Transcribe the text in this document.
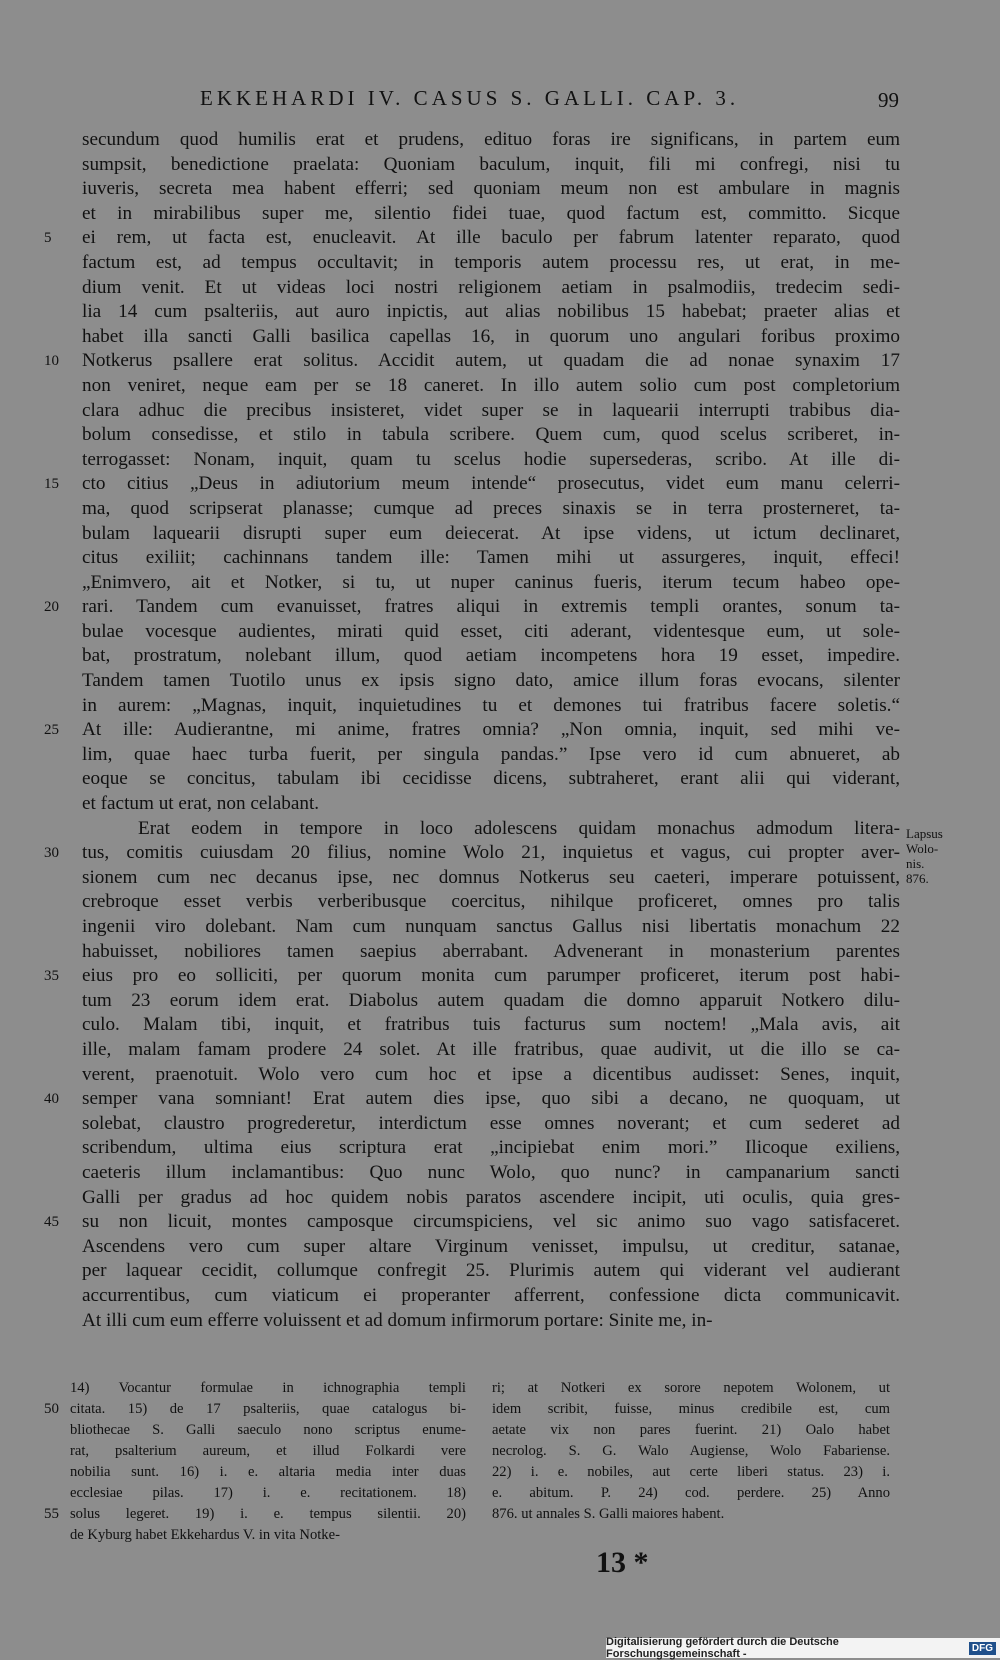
EKKEHARDI IV. CASUS S. GALLI. CAP. 3.	99
secundum quod humilis erat et prudens, edituo foras ire significans, in partem eum
sumpsit, benedictione praelata: Quoniam baculum, inquit, fili mi confregi, nisi tu
iuveris, secreta mea habent efferri; sed quoniam meum non est ambulare in magnis
et in mirabilibus super me, silentio fidei tuae, quod factum est, committo. Sicque
ei rem, ut facta est, enucleavit. At ille baculo per fabrum latenter reparato, quod
factum est, ad tempus occultavit; in temporis autem processu res, ut erat, in me-
dium venit. Et ut videas loci nostri religionem aetiam in psalmodiis, tredecim sedi-
lia 14 cum psalteriis, aut auro inpictis, aut alias nobilibus 15 habebat; praeter alias et
habet illa sancti Galli basilica capellas 16, in quorum uno angulari foribus proximo
Notkerus psallere erat solitus. Accidit autem, ut quadam die ad nonae synaxim 17
non veniret, neque eam per se 18 caneret. In illo autem solio cum post completorium
clara adhuc die precibus insisteret, videt super se in laquearii interrupti trabibus dia-
bolum consedisse, et stilo in tabula scribere. Quem cum, quod scelus scriberet, in-
terrogasset: Nonam, inquit, quam tu scelus hodie supersederas, scribo. At ille di-
cto citius „Deus in adiutorium meum intende“ prosecutus, videt eum manu celerri-
ma, quod scripserat planasse; cumque ad preces sinaxis se in terra prosterneret, ta-
bulam laquearii disrupti super eum deiecerat. At ipse videns, ut ictum declinaret,
citus exiliit; cachinnans tandem ille: Tamen mihi ut assurgeres, inquit, effeci!
„Enimvero, ait et Notker, si tu, ut nuper caninus fueris, iterum tecum habeo ope-
rari. Tandem cum evanuisset, fratres aliqui in extremis templi orantes, sonum ta-
bulae vocesque audientes, mirati quid esset, citi aderant, videntesque eum, ut sole-
bat, prostratum, nolebant illum, quod aetiam incompetens hora 19 esset, impedire.
Tandem tamen Tuotilo unus ex ipsis signo dato, amice illum foras evocans, silenter
in aurem: „Magnas, inquit, inquietudines tu et demones tui fratribus facere soletis.“
At ille: Audierantne, mi anime, fratres omnia? „Non omnia, inquit, sed mihi ve-
lim, quae haec turba fuerit, per singula pandas.” Ipse vero id cum abnueret, ab
eoque se concitus, tabulam ibi cecidisse dicens, subtraheret, erant alii qui viderant,
et factum ut erat, non celabant.
Erat eodem in tempore in loco adolescens quidam monachus admodum litera-
tus, comitis cuiusdam 20 filius, nomine Wolo 21, inquietus et vagus, cui propter aver-
sionem cum nec decanus ipse, nec domnus Notkerus seu caeteri, imperare potuissent,
crebroque esset verbis verberibusque coercitus, nihilque proficeret, omnes pro talis
ingenii viro dolebant. Nam cum nunquam sanctus Gallus nisi libertatis monachum 22
habuisset, nobiliores tamen saepius aberrabant. Advenerant in monasterium parentes
eius pro eo solliciti, per quorum monita cum parumper proficeret, iterum post habi-
tum 23 eorum idem erat. Diabolus autem quadam die domno apparuit Notkero dilu-
culo. Malam tibi, inquit, et fratribus tuis facturus sum noctem! „Mala avis, ait
ille, malam famam prodere 24 solet. At ille fratribus, quae audivit, ut die illo se ca-
verent, praenotuit. Wolo vero cum hoc et ipse a dicentibus audisset: Senes, inquit,
semper vana somniant! Erat autem dies ipse, quo sibi a decano, ne quoquam, ut
solebat, claustro progrederetur, interdictum esse omnes noverant; et cum sederet ad
scribendum, ultima eius scriptura erat „incipiebat enim mori.” Ilicoque exiliens,
caeteris illum inclamantibus: Quo nunc Wolo, quo nunc? in campanarium sancti
Galli per gradus ad hoc quidem nobis paratos ascendere incipit, uti oculis, quia gres-
su non licuit, montes camposque circumspiciens, vel sic animo suo vago satisfaceret.
Ascendens vero cum super altare Virginum venisset, impulsu, ut creditur, satanae,
per laquear cecidit, collumque confregit 25. Plurimis autem qui viderant vel audierant
accurrentibus, cum viaticum ei properanter afferrent, confessione dicta communicavit.
At illi cum eum efferre voluissent et ad domum infirmorum portare: Sinite me, in-
5
10
15
20
25
30
35
40
45
Lapsus
Wolo-
nis.
876.
14) Vocantur formulae in ichnographia templi
citata. 15) de 17 psalteriis, quae catalogus bi-
bliothecae S. Galli saeculo nono scriptus enume-
rat, psalterium aureum, et illud Folkardi vere
nobilia sunt. 16) i. e. altaria media inter duas
ecclesiae pilas. 17) i. e. recitationem. 18)
solus legeret. 19) i. e. tempus silentii. 20)
de Kyburg habet Ekkehardus V. in vita Notke-
50
55
ri; at Notkeri ex sorore nepotem Wolonem, ut
idem scribit, fuisse, minus credibile est, cum
aetate vix non pares fuerint. 21) Oalo habet
necrolog. S. G. Walo Augiense, Wolo Fabariense.
22) i. e. nobiles, aut certe liberi status. 23) i.
e. abitum. P. 24) cod. perdere. 25) Anno
876. ut annales S. Galli maiores habent.
13 *
Digitalisierung gefördert durch die Deutsche Forschungsgemeinschaft -	DFG
